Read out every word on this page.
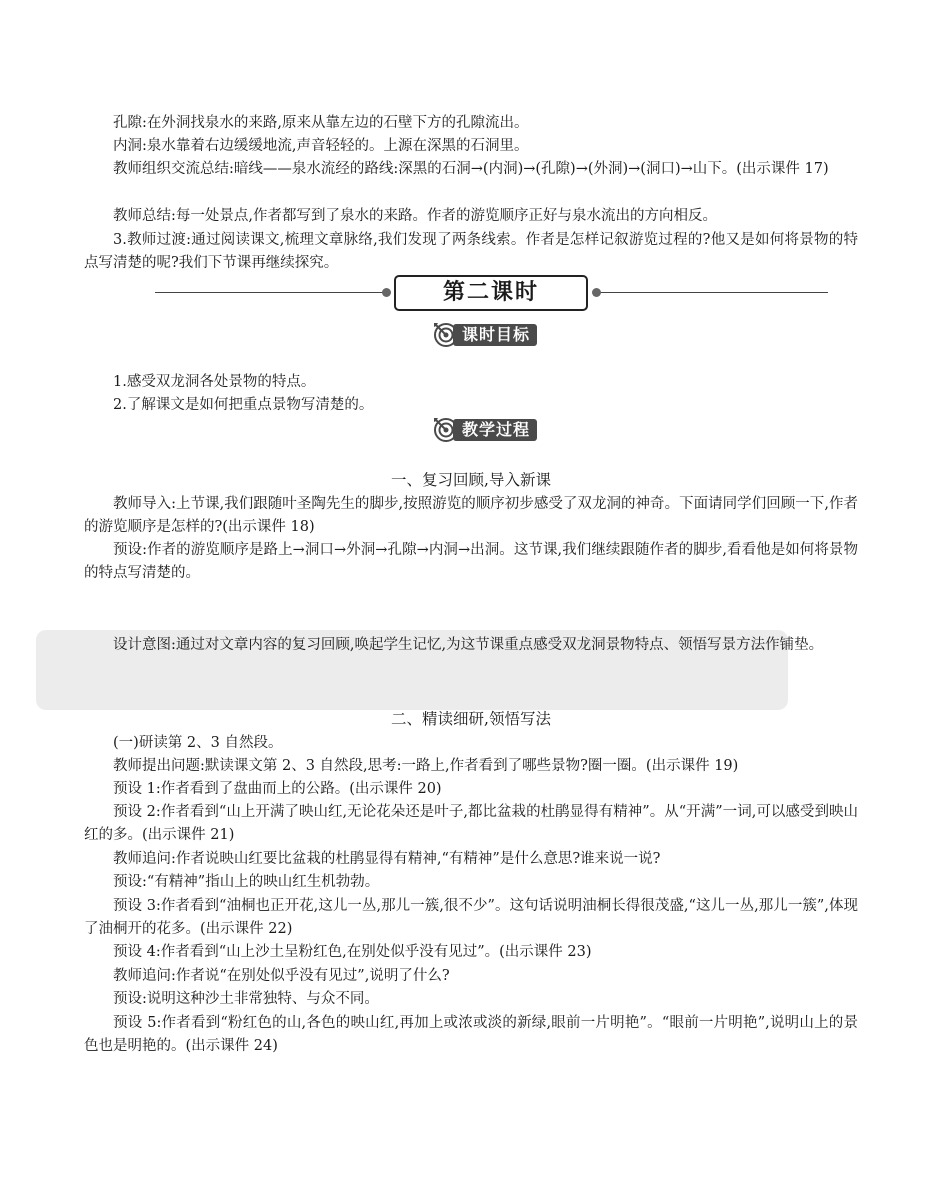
孔隙:在外洞找泉水的来路,原来从靠左边的石壁下方的孔隙流出。

内洞:泉水靠着右边缓缓地流,声音轻轻的。上源在深黑的石洞里。

教师组织交流总结:暗线——泉水流经的路线:深黑的石洞→(内洞)→(孔隙)→(外洞)→(洞口)→山下。(出示课件 17)

教师总结:每一处景点,作者都写到了泉水的来路。作者的游览顺序正好与泉水流出的方向相反。

3.教师过渡:通过阅读课文,梳理文章脉络,我们发现了两条线索。作者是怎样记叙游览过程的?他又是如何将景物的特点写清楚的呢?我们下节课再继续探究。

第二课时
课时目标

1.感受双龙洞各处景物的特点。

2.了解课文是如何把重点景物写清楚的。

教学过程

一、复习回顾,导入新课

教师导入:上节课,我们跟随叶圣陶先生的脚步,按照游览的顺序初步感受了双龙洞的神奇。下面请同学们回顾一下,作者的游览顺序是怎样的?(出示课件 18)

预设:作者的游览顺序是路上→洞口→外洞→孔隙→内洞→出洞。这节课,我们继续跟随作者的脚步,看看他是如何将景物的特点写清楚的。

设计意图:通过对文章内容的复习回顾,唤起学生记忆,为这节课重点感受双龙洞景物特点、领悟写景方法作铺垫。

二、精读细研,领悟写法

(一)研读第 2、3 自然段。

教师提出问题:默读课文第 2、3 自然段,思考:一路上,作者看到了哪些景物?圈一圈。(出示课件 19)

预设 1:作者看到了盘曲而上的公路。(出示课件 20)

预设 2:作者看到“山上开满了映山红,无论花朵还是叶子,都比盆栽的杜鹃显得有精神”。从“开满”一词,可以感受到映山红的多。(出示课件 21)

教师追问:作者说映山红要比盆栽的杜鹃显得有精神,“有精神”是什么意思?谁来说一说?

预设:“有精神”指山上的映山红生机勃勃。

预设 3:作者看到“油桐也正开花,这儿一丛,那儿一簇,很不少”。这句话说明油桐长得很茂盛,“这儿一丛,那儿一簇”,体现了油桐开的花多。(出示课件 22)

预设 4:作者看到“山上沙土呈粉红色,在别处似乎没有见过”。(出示课件 23)

教师追问:作者说“在别处似乎没有见过”,说明了什么?

预设:说明这种沙土非常独特、与众不同。

预设 5:作者看到“粉红色的山,各色的映山红,再加上或浓或淡的新绿,眼前一片明艳”。“眼前一片明艳”,说明山上的景色也是明艳的。(出示课件 24)
